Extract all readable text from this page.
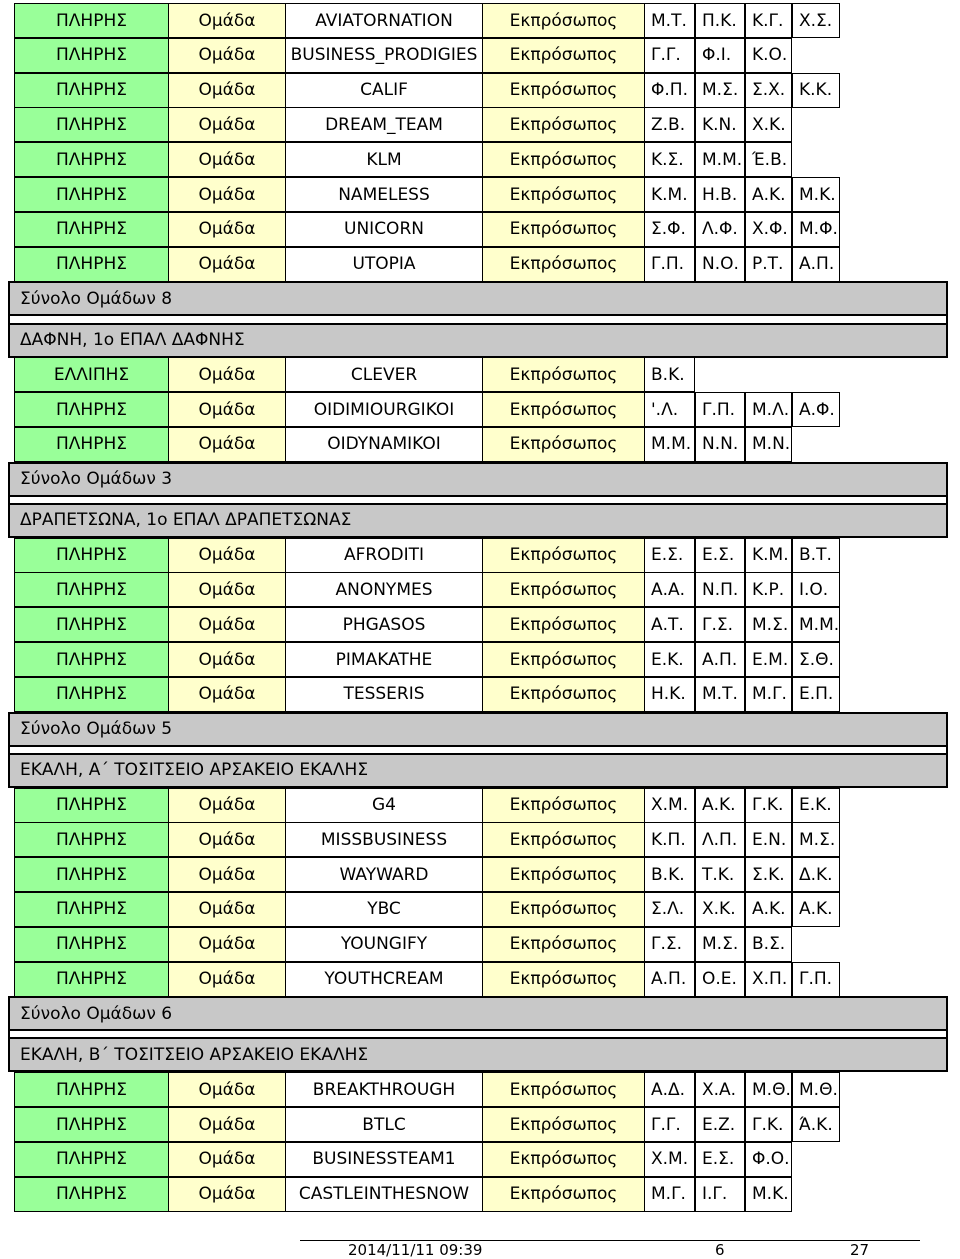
ΠΛΗΡΗΣ	Ομάδα	AVIATORNATION	Εκπρόσωπος	Μ.Τ. Π.Κ. Κ.Γ. Χ.Σ.
ΠΛΗΡΗΣ	Ομάδα	BUSINESS_PRODIGIES	Εκπρόσωπος	Γ.Γ.	Φ.Ι.	Κ.Ο.
ΠΛΗΡΗΣ	Ομάδα	CALIF	Εκπρόσωπος	Φ.Π. Μ.Σ. Σ.Χ. Κ.Κ.
ΠΛΗΡΗΣ	Ομάδα	DREAM_TEAM	Εκπρόσωπος	Ζ.Β. Κ.Ν. Χ.Κ.
ΠΛΗΡΗΣ	Ομάδα	KLM	Εκπρόσωπος	Κ.Σ.	Μ.Μ. Έ.Β.
ΠΛΗΡΗΣ	Ομάδα	NAMELESS	Εκπρόσωπος	Κ.Μ. Η.Β. Α.Κ. Μ.Κ.
ΠΛΗΡΗΣ	Ομάδα	UNICORN	Εκπρόσωπος	Σ.Φ. Λ.Φ. Χ.Φ. Μ.Φ.
ΠΛΗΡΗΣ	Ομάδα	UTOPIA	Εκπρόσωπος	Γ.Π.	Ν.Ο. Ρ.Τ. Α.Π.
Σύνολο Ομάδων 8
ΔΑΦΝΗ, 1ο ΕΠΑΛ ΔΑΦΝΗΣ
ΕΛΛΙΠΗΣ	Ομάδα	CLEVER	Εκπρόσωπος	Β.Κ.
ΠΛΗΡΗΣ	Ομάδα	OIDIMIOURGIKOI	Εκπρόσωπος	'.Λ.	Γ.Π. Μ.Λ. Α.Φ.
ΠΛΗΡΗΣ	Ομάδα	OIDYNAMIKOI	Εκπρόσωπος	Μ.Μ. Ν.Ν. Μ.Ν.
Σύνολο Ομάδων 3
ΔΡΑΠΕΤΣΩΝΑ, 1ο ΕΠΑΛ ΔΡΑΠΕΤΣΩΝΑΣ
ΠΛΗΡΗΣ	Ομάδα	AFRODITI	Εκπρόσωπος	Ε.Σ.	Ε.Σ.	Κ.Μ. Β.Τ.
ΠΛΗΡΗΣ	Ομάδα	ANONYMES	Εκπρόσωπος	Α.Α. Ν.Π. Κ.Ρ. Ι.Ο.
ΠΛΗΡΗΣ	Ομάδα	PHGASOS	Εκπρόσωπος	Α.Τ.	Γ.Σ.	Μ.Σ. Μ.Μ.
ΠΛΗΡΗΣ	Ομάδα	PIMAKATHE	Εκπρόσωπος	Ε.Κ.	Α.Π. Ε.Μ. Σ.Θ.
ΠΛΗΡΗΣ	Ομάδα	TESSERIS	Εκπρόσωπος	Η.Κ. Μ.Τ. Μ.Γ. Ε.Π.
Σύνολο Ομάδων 5
ΕΚΑΛΗ, Α΄ ΤΟΣΙΤΣΕΙΟ ΑΡΣΑΚΕΙΟ ΕΚΑΛΗΣ
ΠΛΗΡΗΣ	Ομάδα	G4	Εκπρόσωπος	Χ.Μ. Α.Κ. Γ.Κ. Ε.Κ.
ΠΛΗΡΗΣ	Ομάδα	MISSBUSINESS	Εκπρόσωπος	Κ.Π. Λ.Π. Ε.Ν. Μ.Σ.
ΠΛΗΡΗΣ	Ομάδα	WAYWARD	Εκπρόσωπος	Β.Κ.	Τ.Κ.	Σ.Κ. Δ.Κ.
ΠΛΗΡΗΣ	Ομάδα	YBC	Εκπρόσωπος	Σ.Λ.	Χ.Κ. Α.Κ. Α.Κ.
ΠΛΗΡΗΣ	Ομάδα	YOUNGIFY	Εκπρόσωπος	Γ.Σ.	Μ.Σ. Β.Σ.
ΠΛΗΡΗΣ	Ομάδα	YOUTHCREAM	Εκπρόσωπος	Α.Π. Ο.Ε. Χ.Π. Γ.Π.
Σύνολο Ομάδων 6
ΕΚΑΛΗ, Β΄ ΤΟΣΙΤΣΕΙΟ ΑΡΣΑΚΕΙΟ ΕΚΑΛΗΣ
ΠΛΗΡΗΣ	Ομάδα	BREAKTHROUGH	Εκπρόσωπος	Α.Δ. Χ.Α. Μ.Θ. Μ.Θ.
ΠΛΗΡΗΣ	Ομάδα	BTLC	Εκπρόσωπος	Γ.Γ.	Ε.Ζ. Γ.Κ. Ά.Κ.
ΠΛΗΡΗΣ	Ομάδα	BUSINESSTEAM1	Εκπρόσωπος	Χ.Μ. Ε.Σ.	Φ.Ο.
ΠΛΗΡΗΣ	Ομάδα	CASTLEINTHESNOW	Εκπρόσωπος	Μ.Γ. Ι.Γ.	Μ.Κ.
2014/11/11 09:39	6	27
